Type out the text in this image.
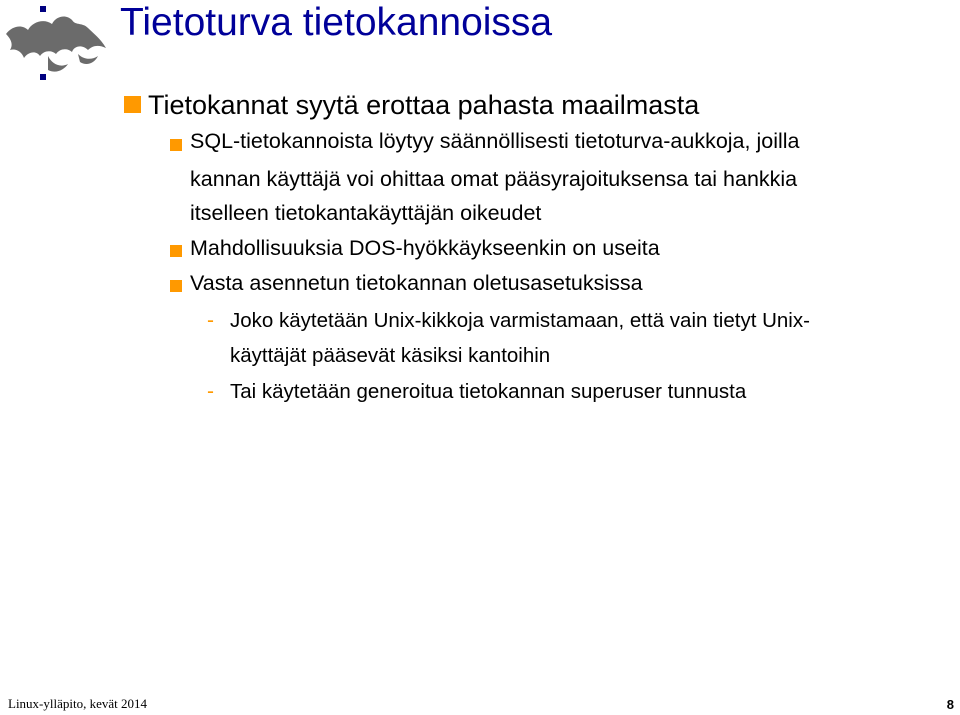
Tietoturva tietokannoissa
Tietokannat syytä erottaa pahasta maailmasta
SQL-tietokannoista löytyy säännöllisesti tietoturva-aukkoja, joilla
kannan käyttäjä voi ohittaa omat pääsyrajoituksensa tai hankkia
itselleen tietokantakäyttäjän oikeudet
Mahdollisuuksia DOS-hyökkäykseenkin on useita
Vasta asennetun tietokannan oletusasetuksissa
- Joko käytetään Unix-kikkoja varmistamaan, että vain tietyt Unix-
käyttäjät pääsevät käsiksi kantoihin
- Tai käytetään generoitua tietokannan superuser tunnusta
Linux-ylläpito, kevät 2014	8
